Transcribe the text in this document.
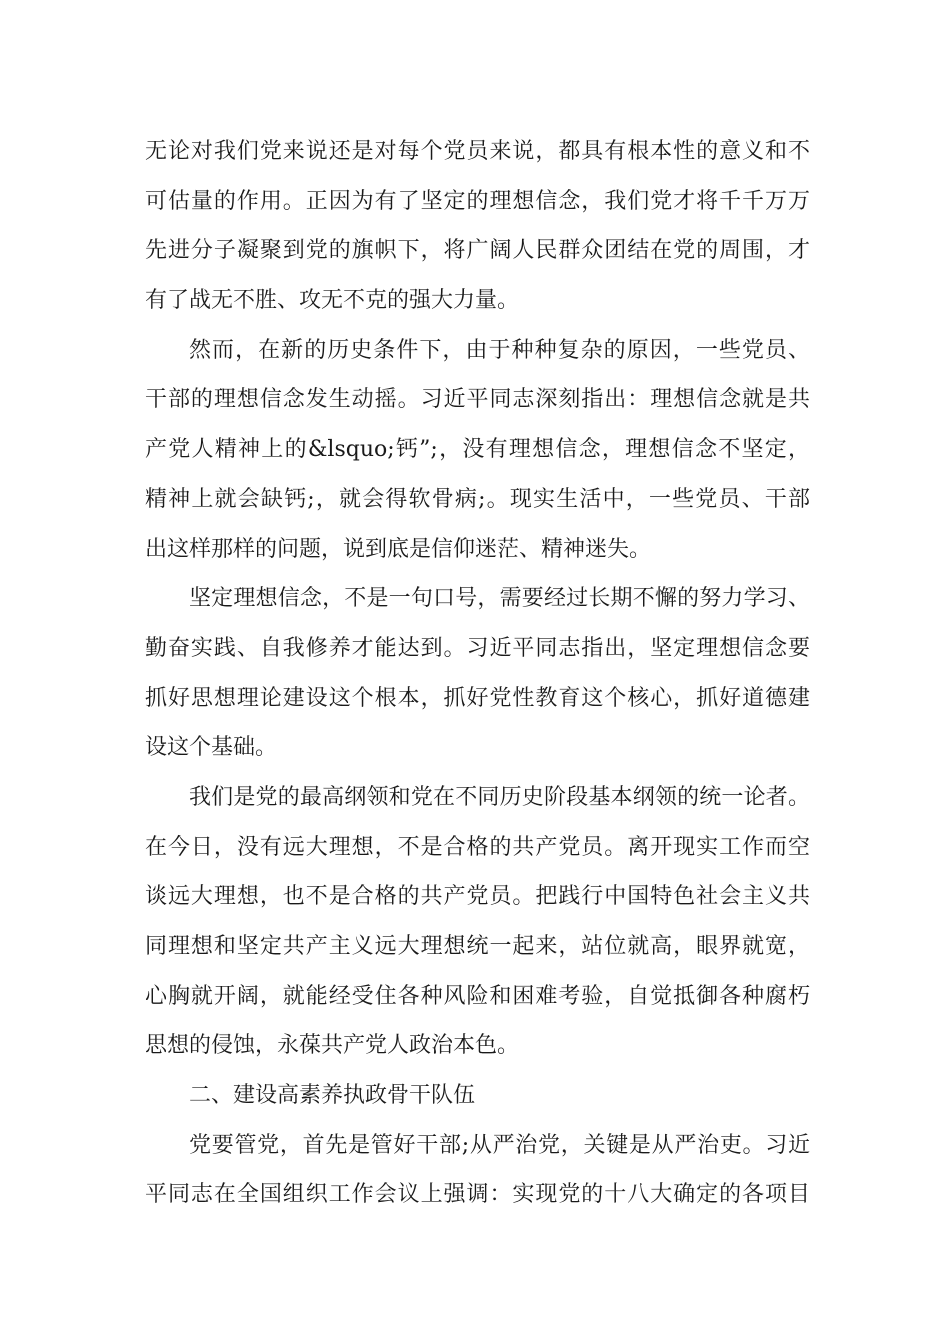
无论对我们党来说还是对每个党员来说，都具有根本性的意义和不
可估量的作用。正因为有了坚定的理想信念，我们党才将千千万万
先进分子凝聚到党的旗帜下，将广阔人民群众团结在党的周围，才
有了战无不胜、攻无不克的强大力量。
然而，在新的历史条件下，由于种种复杂的原因，一些党员、
干部的理想信念发生动摇。习近平同志深刻指出：理想信念就是共
产党人精神上的&lsquo;钙”;，没有理想信念，理想信念不坚定，
精神上就会缺钙;，就会得软骨病;。现实生活中，一些党员、干部
出这样那样的问题，说到底是信仰迷茫、精神迷失。
坚定理想信念，不是一句口号，需要经过长期不懈的努力学习、
勤奋实践、自我修养才能达到。习近平同志指出，坚定理想信念要
抓好思想理论建设这个根本，抓好党性教育这个核心，抓好道德建
设这个基础。
我们是党的最高纲领和党在不同历史阶段基本纲领的统一论者。
在今日，没有远大理想，不是合格的共产党员。离开现实工作而空
谈远大理想，也不是合格的共产党员。把践行中国特色社会主义共
同理想和坚定共产主义远大理想统一起来，站位就高，眼界就宽，
心胸就开阔，就能经受住各种风险和困难考验，自觉抵御各种腐朽
思想的侵蚀，永葆共产党人政治本色。
二、建设高素养执政骨干队伍
党要管党，首先是管好干部;从严治党，关键是从严治吏。习近
平同志在全国组织工作会议上强调：实现党的十八大确定的各项目
